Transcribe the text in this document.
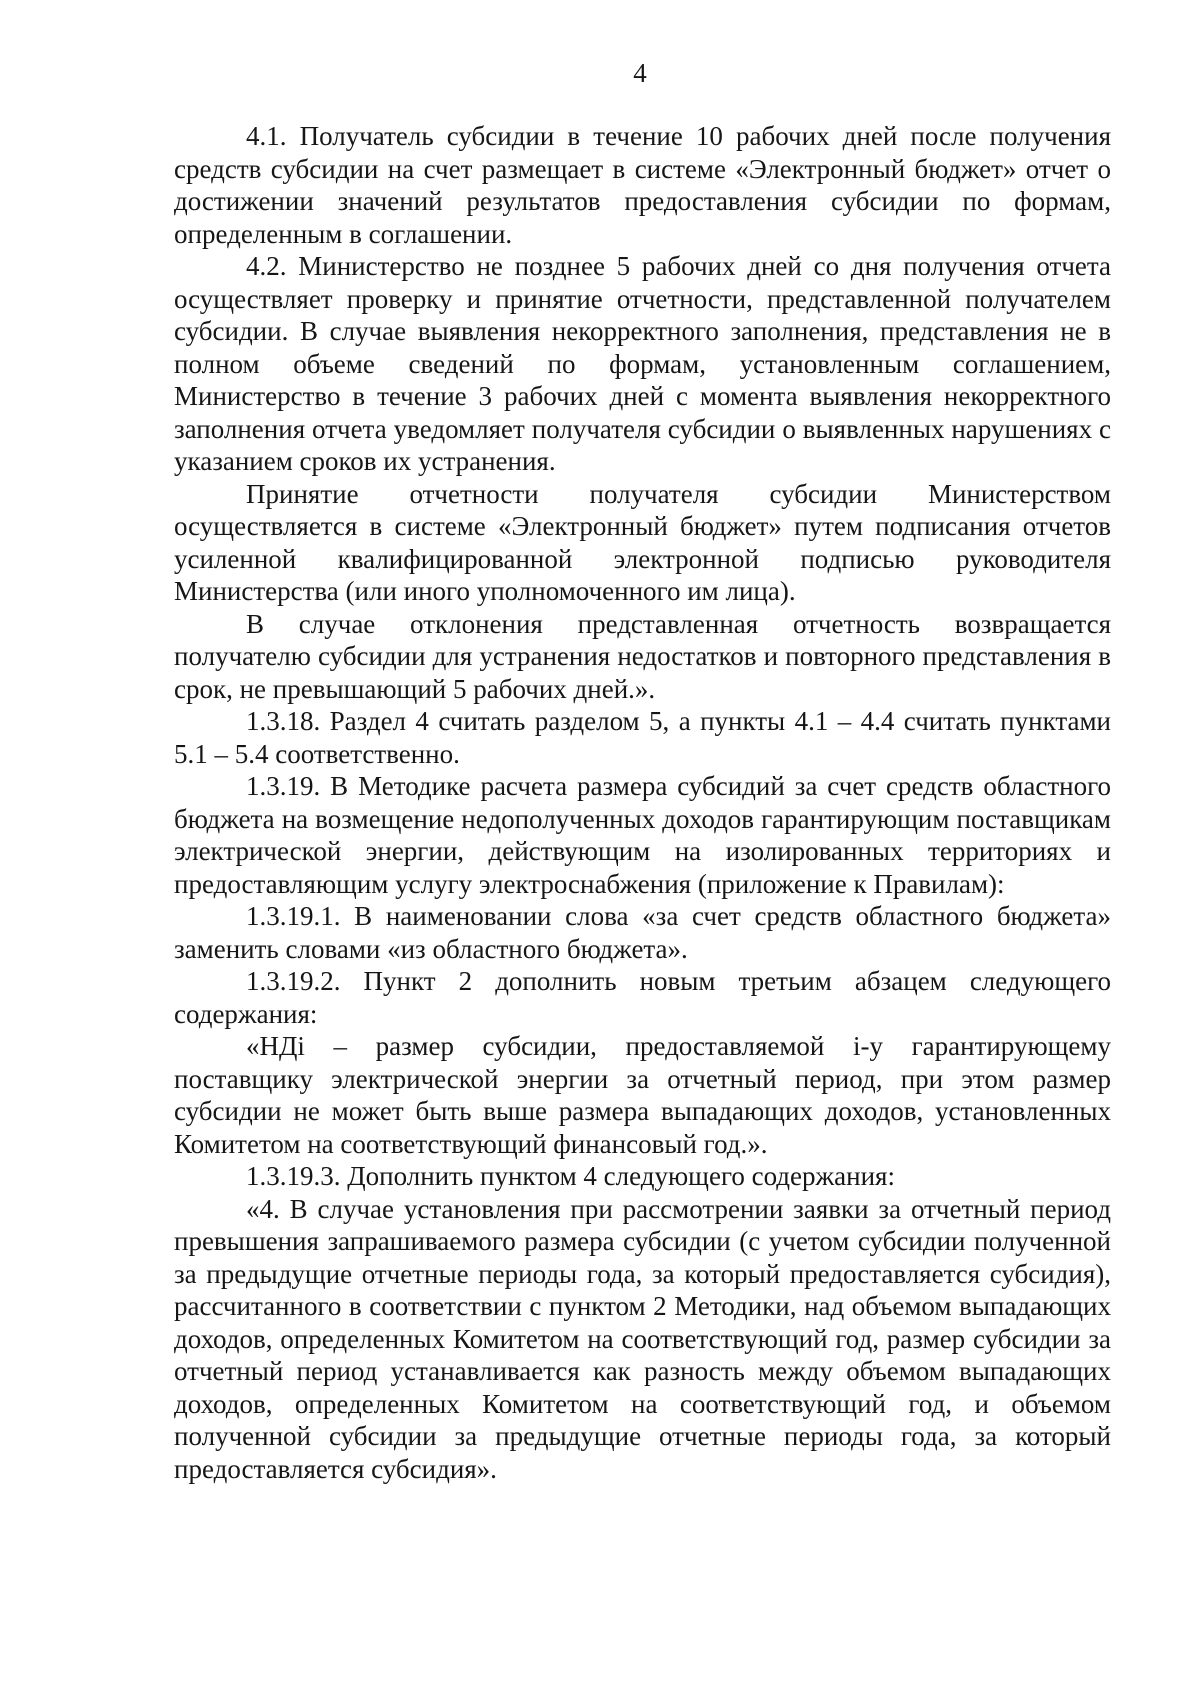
4

4.1. Получатель субсидии в течение 10 рабочих дней после получения средств субсидии на счет размещает в системе «Электронный бюджет» отчет о достижении значений результатов предоставления субсидии по формам, определенным в соглашении.

4.2. Министерство не позднее 5 рабочих дней со дня получения отчета осуществляет проверку и принятие отчетности, представленной получателем субсидии. В случае выявления некорректного заполнения, представления не в полном объеме сведений по формам, установленным соглашением, Министерство в течение 3 рабочих дней с момента выявления некорректного заполнения отчета уведомляет получателя субсидии о выявленных нарушениях с указанием сроков их устранения.

Принятие отчетности получателя субсидии Министерством осуществляется в системе «Электронный бюджет» путем подписания отчетов усиленной квалифицированной электронной подписью руководителя Министерства (или иного уполномоченного им лица).

В случае отклонения представленная отчетность возвращается получателю субсидии для устранения недостатков и повторного представления в срок, не превышающий 5 рабочих дней.».

1.3.18. Раздел 4 считать разделом 5, а пункты 4.1 – 4.4 считать пунктами 5.1 – 5.4 соответственно.

1.3.19. В Методике расчета размера субсидий за счет средств областного бюджета на возмещение недополученных доходов гарантирующим поставщикам электрической энергии, действующим на изолированных территориях и предоставляющим услугу электроснабжения (приложение к Правилам):

1.3.19.1. В наименовании слова «за счет средств областного бюджета» заменить словами «из областного бюджета».

1.3.19.2. Пункт 2 дополнить новым третьим абзацем следующего содержания:

«НДi – размер субсидии, предоставляемой i-у гарантирующему поставщику электрической энергии за отчетный период, при этом размер субсидии не может быть выше размера выпадающих доходов, установленных Комитетом на соответствующий финансовый год.».

1.3.19.3. Дополнить пунктом 4 следующего содержания:

«4. В случае установления при рассмотрении заявки за отчетный период превышения запрашиваемого размера субсидии (с учетом субсидии полученной за предыдущие отчетные периоды года, за который предоставляется субсидия), рассчитанного в соответствии с пунктом 2 Методики, над объемом выпадающих доходов, определенных Комитетом на соответствующий год, размер субсидии за отчетный период устанавливается как разность между объемом выпадающих доходов, определенных Комитетом на соответствующий год, и объемом полученной субсидии за предыдущие отчетные периоды года, за который предоставляется субсидия».
